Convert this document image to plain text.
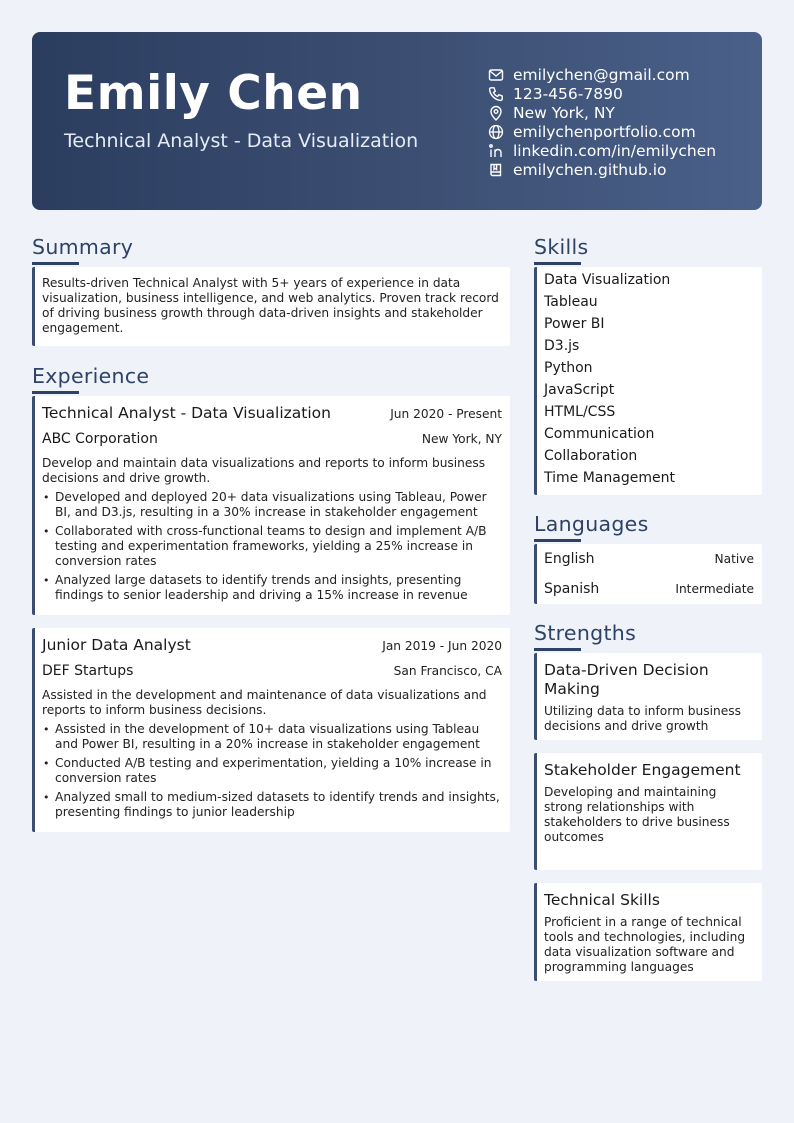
Emily Chen
Technical Analyst - Data Visualization
emilychen@gmail.com
123-456-7890
New York, NY
emilychenportfolio.com
linkedin.com/in/emilychen
emilychen.github.io
Summary
Results-driven Technical Analyst with 5+ years of experience in data visualization, business intelligence, and web analytics. Proven track record of driving business growth through data-driven insights and stakeholder engagement.
Experience
Technical Analyst - Data Visualization	Jun 2020 - Present
ABC Corporation	New York, NY
Develop and maintain data visualizations and reports to inform business decisions and drive growth.
• Developed and deployed 20+ data visualizations using Tableau, Power BI, and D3.js, resulting in a 30% increase in stakeholder engagement
• Collaborated with cross-functional teams to design and implement A/B testing and experimentation frameworks, yielding a 25% increase in conversion rates
• Analyzed large datasets to identify trends and insights, presenting findings to senior leadership and driving a 15% increase in revenue
Junior Data Analyst	Jan 2019 - Jun 2020
DEF Startups	San Francisco, CA
Assisted in the development and maintenance of data visualizations and reports to inform business decisions.
• Assisted in the development of 10+ data visualizations using Tableau and Power BI, resulting in a 20% increase in stakeholder engagement
• Conducted A/B testing and experimentation, yielding a 10% increase in conversion rates
• Analyzed small to medium-sized datasets to identify trends and insights, presenting findings to junior leadership
Skills
Data Visualization
Tableau
Power BI
D3.js
Python
JavaScript
HTML/CSS
Communication
Collaboration
Time Management
Languages
English	Native
Spanish	Intermediate
Strengths
Data-Driven Decision Making
Utilizing data to inform business decisions and drive growth
Stakeholder Engagement
Developing and maintaining strong relationships with stakeholders to drive business outcomes
Technical Skills
Proficient in a range of technical tools and technologies, including data visualization software and programming languages
